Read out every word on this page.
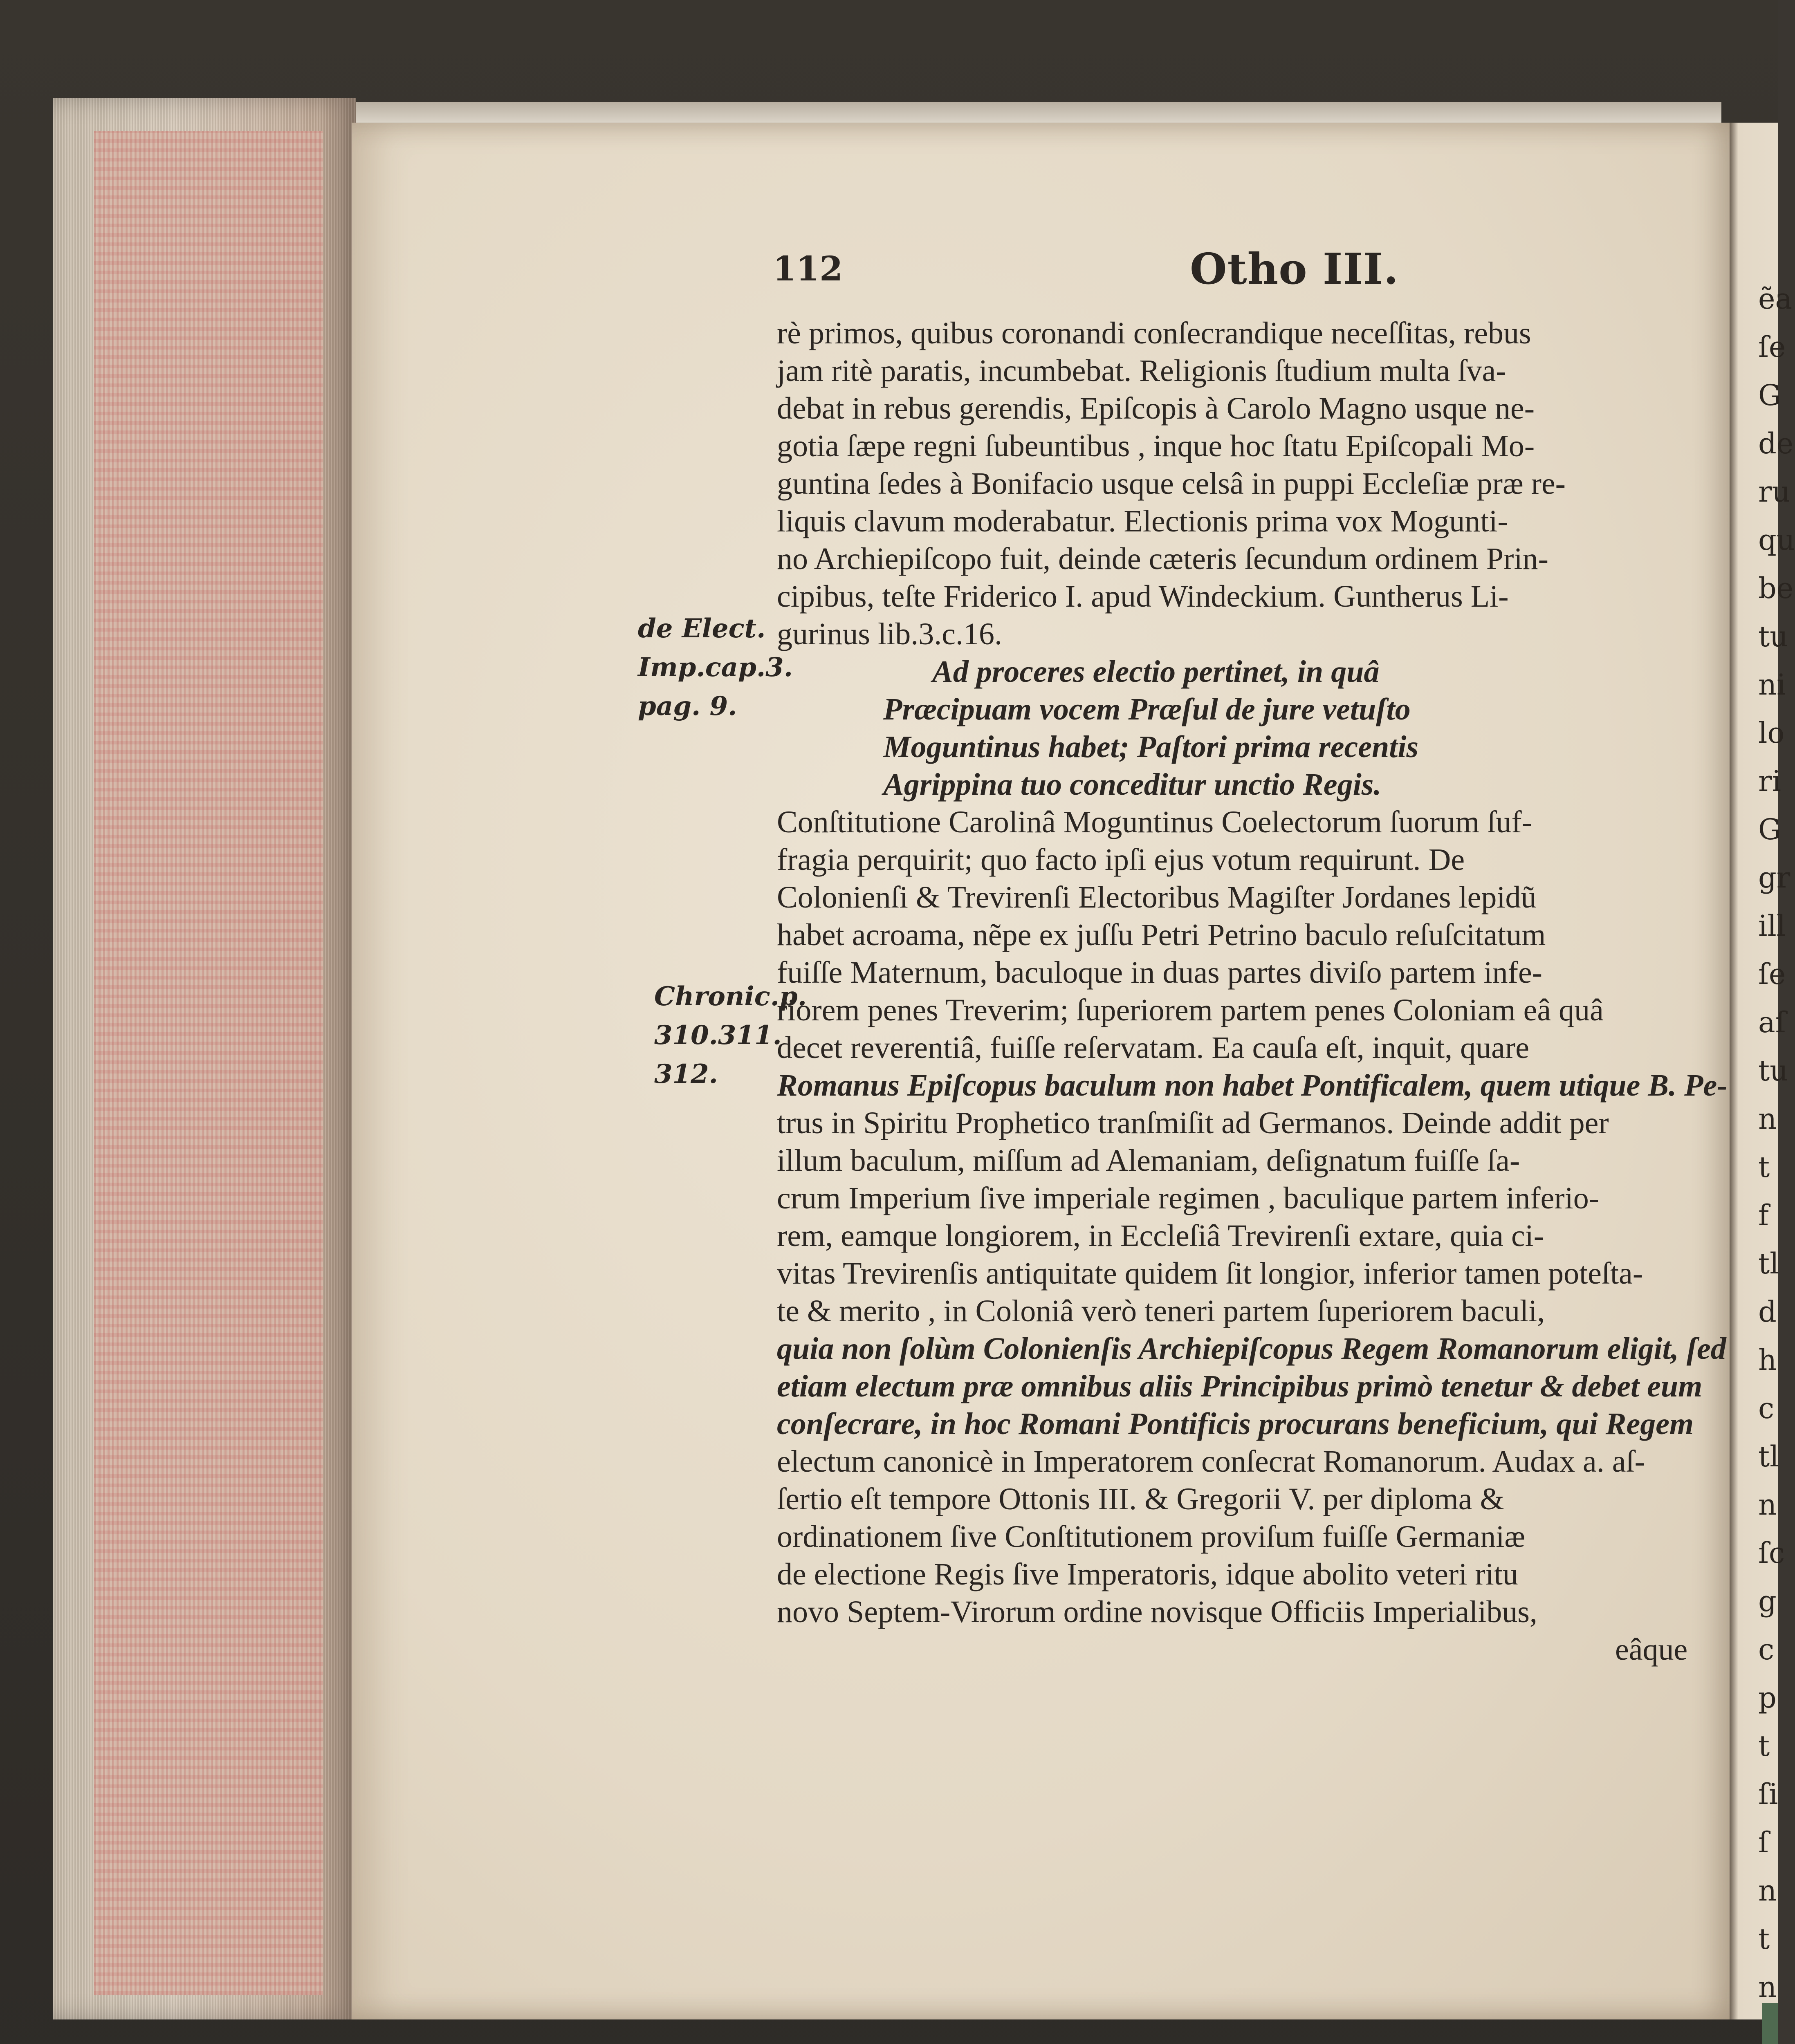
112	Otho III.
rè primos, quibus coronandi conſecrandique neceſſitas, rebus
jam ritè paratis, incumbebat. Religionis ſtudium multa ſva-
debat in rebus gerendis, Epiſcopis à Carolo Magno usque ne-
gotia ſæpe regni ſubeuntibus , inque hoc ſtatu Epiſcopali Mo-
guntina ſedes à Bonifacio usque celsâ in puppi Eccleſiæ præ re-
liquis clavum moderabatur. Electionis prima vox Mogunti-
no Archiepiſcopo fuit, deinde cæteris ſecundum ordinem Prin-
cipibus, teſte Friderico I. apud Windeckium. Guntherus Li-
gurinus lib.3.c.16.
Ad proceres electio pertinet, in quâ
Præcipuam vocem Præſul de jure vetuſto
Moguntinus habet; Paſtori prima recentis
Agrippina tuo conceditur unctio Regis.
Conſtitutione Carolinâ Moguntinus Coelectorum ſuorum ſuf-
fragia perquirit; quo facto ipſi ejus votum requirunt. De
Colonienſi & Trevirenſi Electoribus Magiſter Jordanes lepidũ
habet acroama, nẽpe ex juſſu Petri Petrino baculo reſuſcitatum
fuiſſe Maternum, baculoque in duas partes diviſo partem infe-
riorem penes Treverim; ſuperiorem partem penes Coloniam eâ quâ
decet reverentiâ, fuiſſe reſervatam. Ea cauſa eſt, inquit, quare
Romanus Epiſcopus baculum non habet Pontificalem, quem utique B. Pe-
trus in Spiritu Prophetico tranſmiſit ad Germanos. Deinde addit per
illum baculum, miſſum ad Alemaniam, deſignatum fuiſſe ſa-
crum Imperium ſive imperiale regimen , baculique partem inferio-
rem, eamque longiorem, in Eccleſiâ Trevirenſi extare, quia ci-
vitas Trevirenſis antiquitate quidem ſit longior, inferior tamen poteſta-
te & merito , in Coloniâ verò teneri partem ſuperiorem baculi,
quia non ſolùm Colonienſis Archiepiſcopus Regem Romanorum eligit, ſed
etiam electum præ omnibus aliis Principibus primò tenetur & debet eum
conſecrare, in hoc Romani Pontificis procurans beneficium, qui Regem
electum canonicè in Imperatorem conſecrat Romanorum. Audax a. aſ-
ſertio eſt tempore Ottonis III. & Gregorii V. per diploma &
ordinationem ſive Conſtitutionem proviſum fuiſſe Germaniæ
de electione Regis ſive Imperatoris, idque abolito veteri ritu
novo Septem-Virorum ordine novisque Officiis Imperialibus,
eâque
de Elect.
Imp.cap.3.
pag. 9.
Chronic.p.
310.311.
312.
ẽa
ſe
G
de
ru
qu
be
tu
ni
lo
ri
G
gr
ill
ſe
aſ
tu
n
t
f
tl
d
h
c
tl
n
ſc
g
c
p
t
ſi
ſ
n
t
n
